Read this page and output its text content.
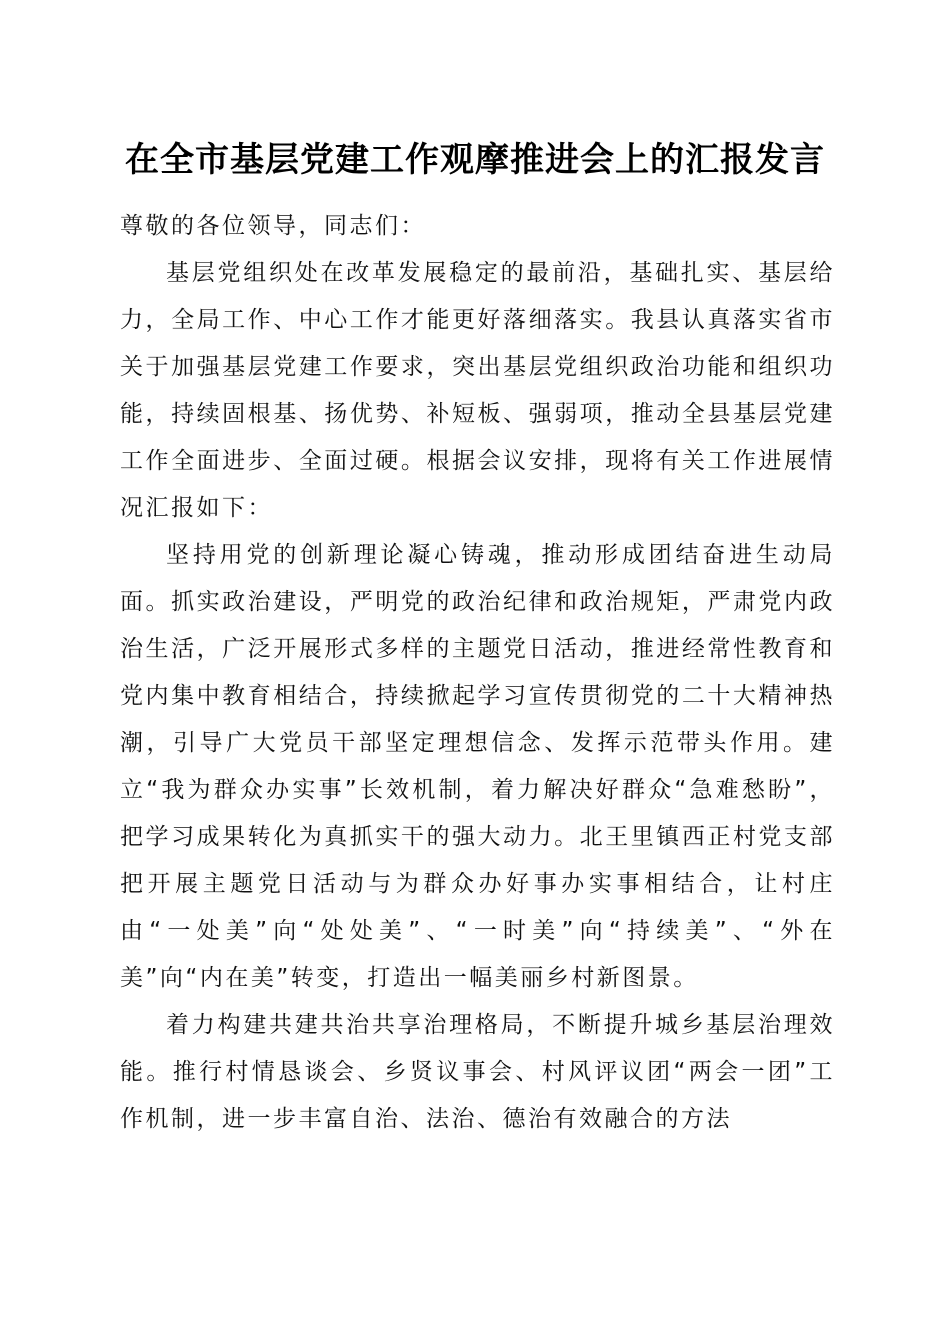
在全市基层党建工作观摩推进会上的汇报发言

尊敬的各位领导，同志们：

基层党组织处在改革发展稳定的最前沿，基础扎实、基层给力，全局工作、中心工作才能更好落细落实。我县认真落实省市关于加强基层党建工作要求，突出基层党组织政治功能和组织功能，持续固根基、扬优势、补短板、强弱项，推动全县基层党建工作全面进步、全面过硬。根据会议安排，现将有关工作进展情况汇报如下：

坚持用党的创新理论凝心铸魂，推动形成团结奋进生动局面。抓实政治建设，严明党的政治纪律和政治规矩，严肃党内政治生活，广泛开展形式多样的主题党日活动，推进经常性教育和党内集中教育相结合，持续掀起学习宣传贯彻党的二十大精神热潮，引导广大党员干部坚定理想信念、发挥示范带头作用。建立“我为群众办实事”长效机制，着力解决好群众“急难愁盼”，把学习成果转化为真抓实干的强大动力。北王里镇西正村党支部把开展主题党日活动与为群众办好事办实事相结合，让村庄由“一处美”向“处处美”、“一时美”向“持续美”、“外在美”向“内在美”转变，打造出一幅美丽乡村新图景。

着力构建共建共治共享治理格局，不断提升城乡基层治理效能。推行村情恳谈会、乡贤议事会、村风评议团“两会一团”工作机制，进一步丰富自治、法治、德治有效融合的方法
